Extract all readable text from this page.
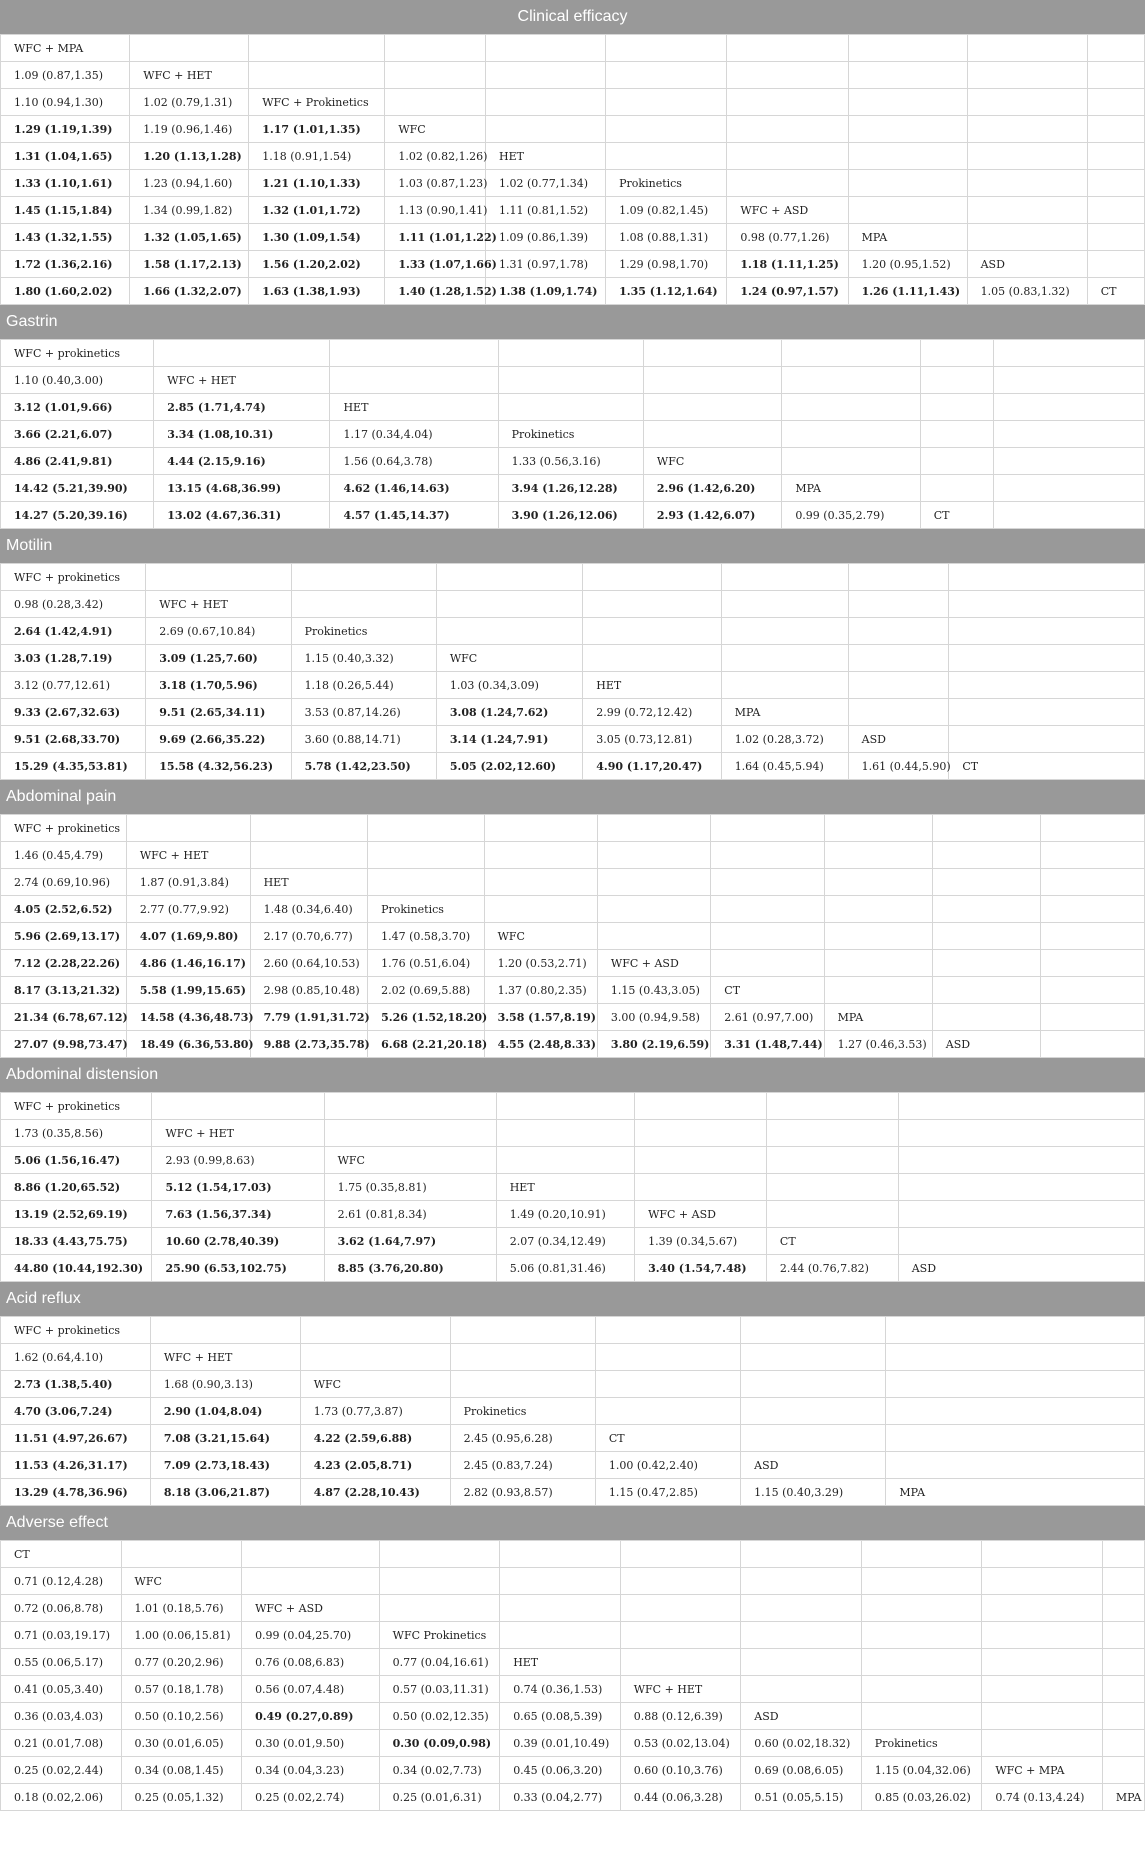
Clinical efficacy
WFC + MPA									
1.09 (0.87,1.35)	WFC + HET								
1.10 (0.94,1.30)	1.02 (0.79,1.31)	WFC + Prokinetics							
1.29 (1.19,1.39)	1.19 (0.96,1.46)	1.17 (1.01,1.35)	WFC						
1.31 (1.04,1.65)	1.20 (1.13,1.28)	1.18 (0.91,1.54)	1.02 (0.82,1.26)	HET					
1.33 (1.10,1.61)	1.23 (0.94,1.60)	1.21 (1.10,1.33)	1.03 (0.87,1.23)	1.02 (0.77,1.34)	Prokinetics				
1.45 (1.15,1.84)	1.34 (0.99,1.82)	1.32 (1.01,1.72)	1.13 (0.90,1.41)	1.11 (0.81,1.52)	1.09 (0.82,1.45)	WFC + ASD			
1.43 (1.32,1.55)	1.32 (1.05,1.65)	1.30 (1.09,1.54)	1.11 (1.01,1.22)	1.09 (0.86,1.39)	1.08 (0.88,1.31)	0.98 (0.77,1.26)	MPA		
1.72 (1.36,2.16)	1.58 (1.17,2.13)	1.56 (1.20,2.02)	1.33 (1.07,1.66)	1.31 (0.97,1.78)	1.29 (0.98,1.70)	1.18 (1.11,1.25)	1.20 (0.95,1.52)	ASD	
1.80 (1.60,2.02)	1.66 (1.32,2.07)	1.63 (1.38,1.93)	1.40 (1.28,1.52)	1.38 (1.09,1.74)	1.35 (1.12,1.64)	1.24 (0.97,1.57)	1.26 (1.11,1.43)	1.05 (0.83,1.32)	CT
Gastrin
WFC + prokinetics							
1.10 (0.40,3.00)	WFC + HET						
3.12 (1.01,9.66)	2.85 (1.71,4.74)	HET					
3.66 (2.21,6.07)	3.34 (1.08,10.31)	1.17 (0.34,4.04)	Prokinetics				
4.86 (2.41,9.81)	4.44 (2.15,9.16)	1.56 (0.64,3.78)	1.33 (0.56,3.16)	WFC			
14.42 (5.21,39.90)	13.15 (4.68,36.99)	4.62 (1.46,14.63)	3.94 (1.26,12.28)	2.96 (1.42,6.20)	MPA		
14.27 (5.20,39.16)	13.02 (4.67,36.31)	4.57 (1.45,14.37)	3.90 (1.26,12.06)	2.93 (1.42,6.07)	0.99 (0.35,2.79)	CT	
Motilin
WFC + prokinetics							
0.98 (0.28,3.42)	WFC + HET						
2.64 (1.42,4.91)	2.69 (0.67,10.84)	Prokinetics					
3.03 (1.28,7.19)	3.09 (1.25,7.60)	1.15 (0.40,3.32)	WFC				
3.12 (0.77,12.61)	3.18 (1.70,5.96)	1.18 (0.26,5.44)	1.03 (0.34,3.09)	HET			
9.33 (2.67,32.63)	9.51 (2.65,34.11)	3.53 (0.87,14.26)	3.08 (1.24,7.62)	2.99 (0.72,12.42)	MPA		
9.51 (2.68,33.70)	9.69 (2.66,35.22)	3.60 (0.88,14.71)	3.14 (1.24,7.91)	3.05 (0.73,12.81)	1.02 (0.28,3.72)	ASD	
15.29 (4.35,53.81)	15.58 (4.32,56.23)	5.78 (1.42,23.50)	5.05 (2.02,12.60)	4.90 (1.17,20.47)	1.64 (0.45,5.94)	1.61 (0.44,5.90)	CT
Abdominal pain
WFC + prokinetics									
1.46 (0.45,4.79)	WFC + HET								
2.74 (0.69,10.96)	1.87 (0.91,3.84)	HET							
4.05 (2.52,6.52)	2.77 (0.77,9.92)	1.48 (0.34,6.40)	Prokinetics						
5.96 (2.69,13.17)	4.07 (1.69,9.80)	2.17 (0.70,6.77)	1.47 (0.58,3.70)	WFC					
7.12 (2.28,22.26)	4.86 (1.46,16.17)	2.60 (0.64,10.53)	1.76 (0.51,6.04)	1.20 (0.53,2.71)	WFC + ASD				
8.17 (3.13,21.32)	5.58 (1.99,15.65)	2.98 (0.85,10.48)	2.02 (0.69,5.88)	1.37 (0.80,2.35)	1.15 (0.43,3.05)	CT			
21.34 (6.78,67.12)	14.58 (4.36,48.73)	7.79 (1.91,31.72)	5.26 (1.52,18.20)	3.58 (1.57,8.19)	3.00 (0.94,9.58)	2.61 (0.97,7.00)	MPA		
27.07 (9.98,73.47)	18.49 (6.36,53.80)	9.88 (2.73,35.78)	6.68 (2.21,20.18)	4.55 (2.48,8.33)	3.80 (2.19,6.59)	3.31 (1.48,7.44)	1.27 (0.46,3.53)	ASD	
Abdominal distension
WFC + prokinetics						
1.73 (0.35,8.56)	WFC + HET					
5.06 (1.56,16.47)	2.93 (0.99,8.63)	WFC				
8.86 (1.20,65.52)	5.12 (1.54,17.03)	1.75 (0.35,8.81)	HET			
13.19 (2.52,69.19)	7.63 (1.56,37.34)	2.61 (0.81,8.34)	1.49 (0.20,10.91)	WFC + ASD		
18.33 (4.43,75.75)	10.60 (2.78,40.39)	3.62 (1.64,7.97)	2.07 (0.34,12.49)	1.39 (0.34,5.67)	CT	
44.80 (10.44,192.30)	25.90 (6.53,102.75)	8.85 (3.76,20.80)	5.06 (0.81,31.46)	3.40 (1.54,7.48)	2.44 (0.76,7.82)	ASD
Acid reflux
WFC + prokinetics						
1.62 (0.64,4.10)	WFC + HET					
2.73 (1.38,5.40)	1.68 (0.90,3.13)	WFC				
4.70 (3.06,7.24)	2.90 (1.04,8.04)	1.73 (0.77,3.87)	Prokinetics			
11.51 (4.97,26.67)	7.08 (3.21,15.64)	4.22 (2.59,6.88)	2.45 (0.95,6.28)	CT		
11.53 (4.26,31.17)	7.09 (2.73,18.43)	4.23 (2.05,8.71)	2.45 (0.83,7.24)	1.00 (0.42,2.40)	ASD	
13.29 (4.78,36.96)	8.18 (3.06,21.87)	4.87 (2.28,10.43)	2.82 (0.93,8.57)	1.15 (0.47,2.85)	1.15 (0.40,3.29)	MPA
Adverse effect
CT									
0.71 (0.12,4.28)	WFC								
0.72 (0.06,8.78)	1.01 (0.18,5.76)	WFC + ASD							
0.71 (0.03,19.17)	1.00 (0.06,15.81)	0.99 (0.04,25.70)	WFC Prokinetics						
0.55 (0.06,5.17)	0.77 (0.20,2.96)	0.76 (0.08,6.83)	0.77 (0.04,16.61)	HET					
0.41 (0.05,3.40)	0.57 (0.18,1.78)	0.56 (0.07,4.48)	0.57 (0.03,11.31)	0.74 (0.36,1.53)	WFC + HET				
0.36 (0.03,4.03)	0.50 (0.10,2.56)	0.49 (0.27,0.89)	0.50 (0.02,12.35)	0.65 (0.08,5.39)	0.88 (0.12,6.39)	ASD			
0.21 (0.01,7.08)	0.30 (0.01,6.05)	0.30 (0.01,9.50)	0.30 (0.09,0.98)	0.39 (0.01,10.49)	0.53 (0.02,13.04)	0.60 (0.02,18.32)	Prokinetics		
0.25 (0.02,2.44)	0.34 (0.08,1.45)	0.34 (0.04,3.23)	0.34 (0.02,7.73)	0.45 (0.06,3.20)	0.60 (0.10,3.76)	0.69 (0.08,6.05)	1.15 (0.04,32.06)	WFC + MPA	
0.18 (0.02,2.06)	0.25 (0.05,1.32)	0.25 (0.02,2.74)	0.25 (0.01,6.31)	0.33 (0.04,2.77)	0.44 (0.06,3.28)	0.51 (0.05,5.15)	0.85 (0.03,26.02)	0.74 (0.13,4.24)	MPA
